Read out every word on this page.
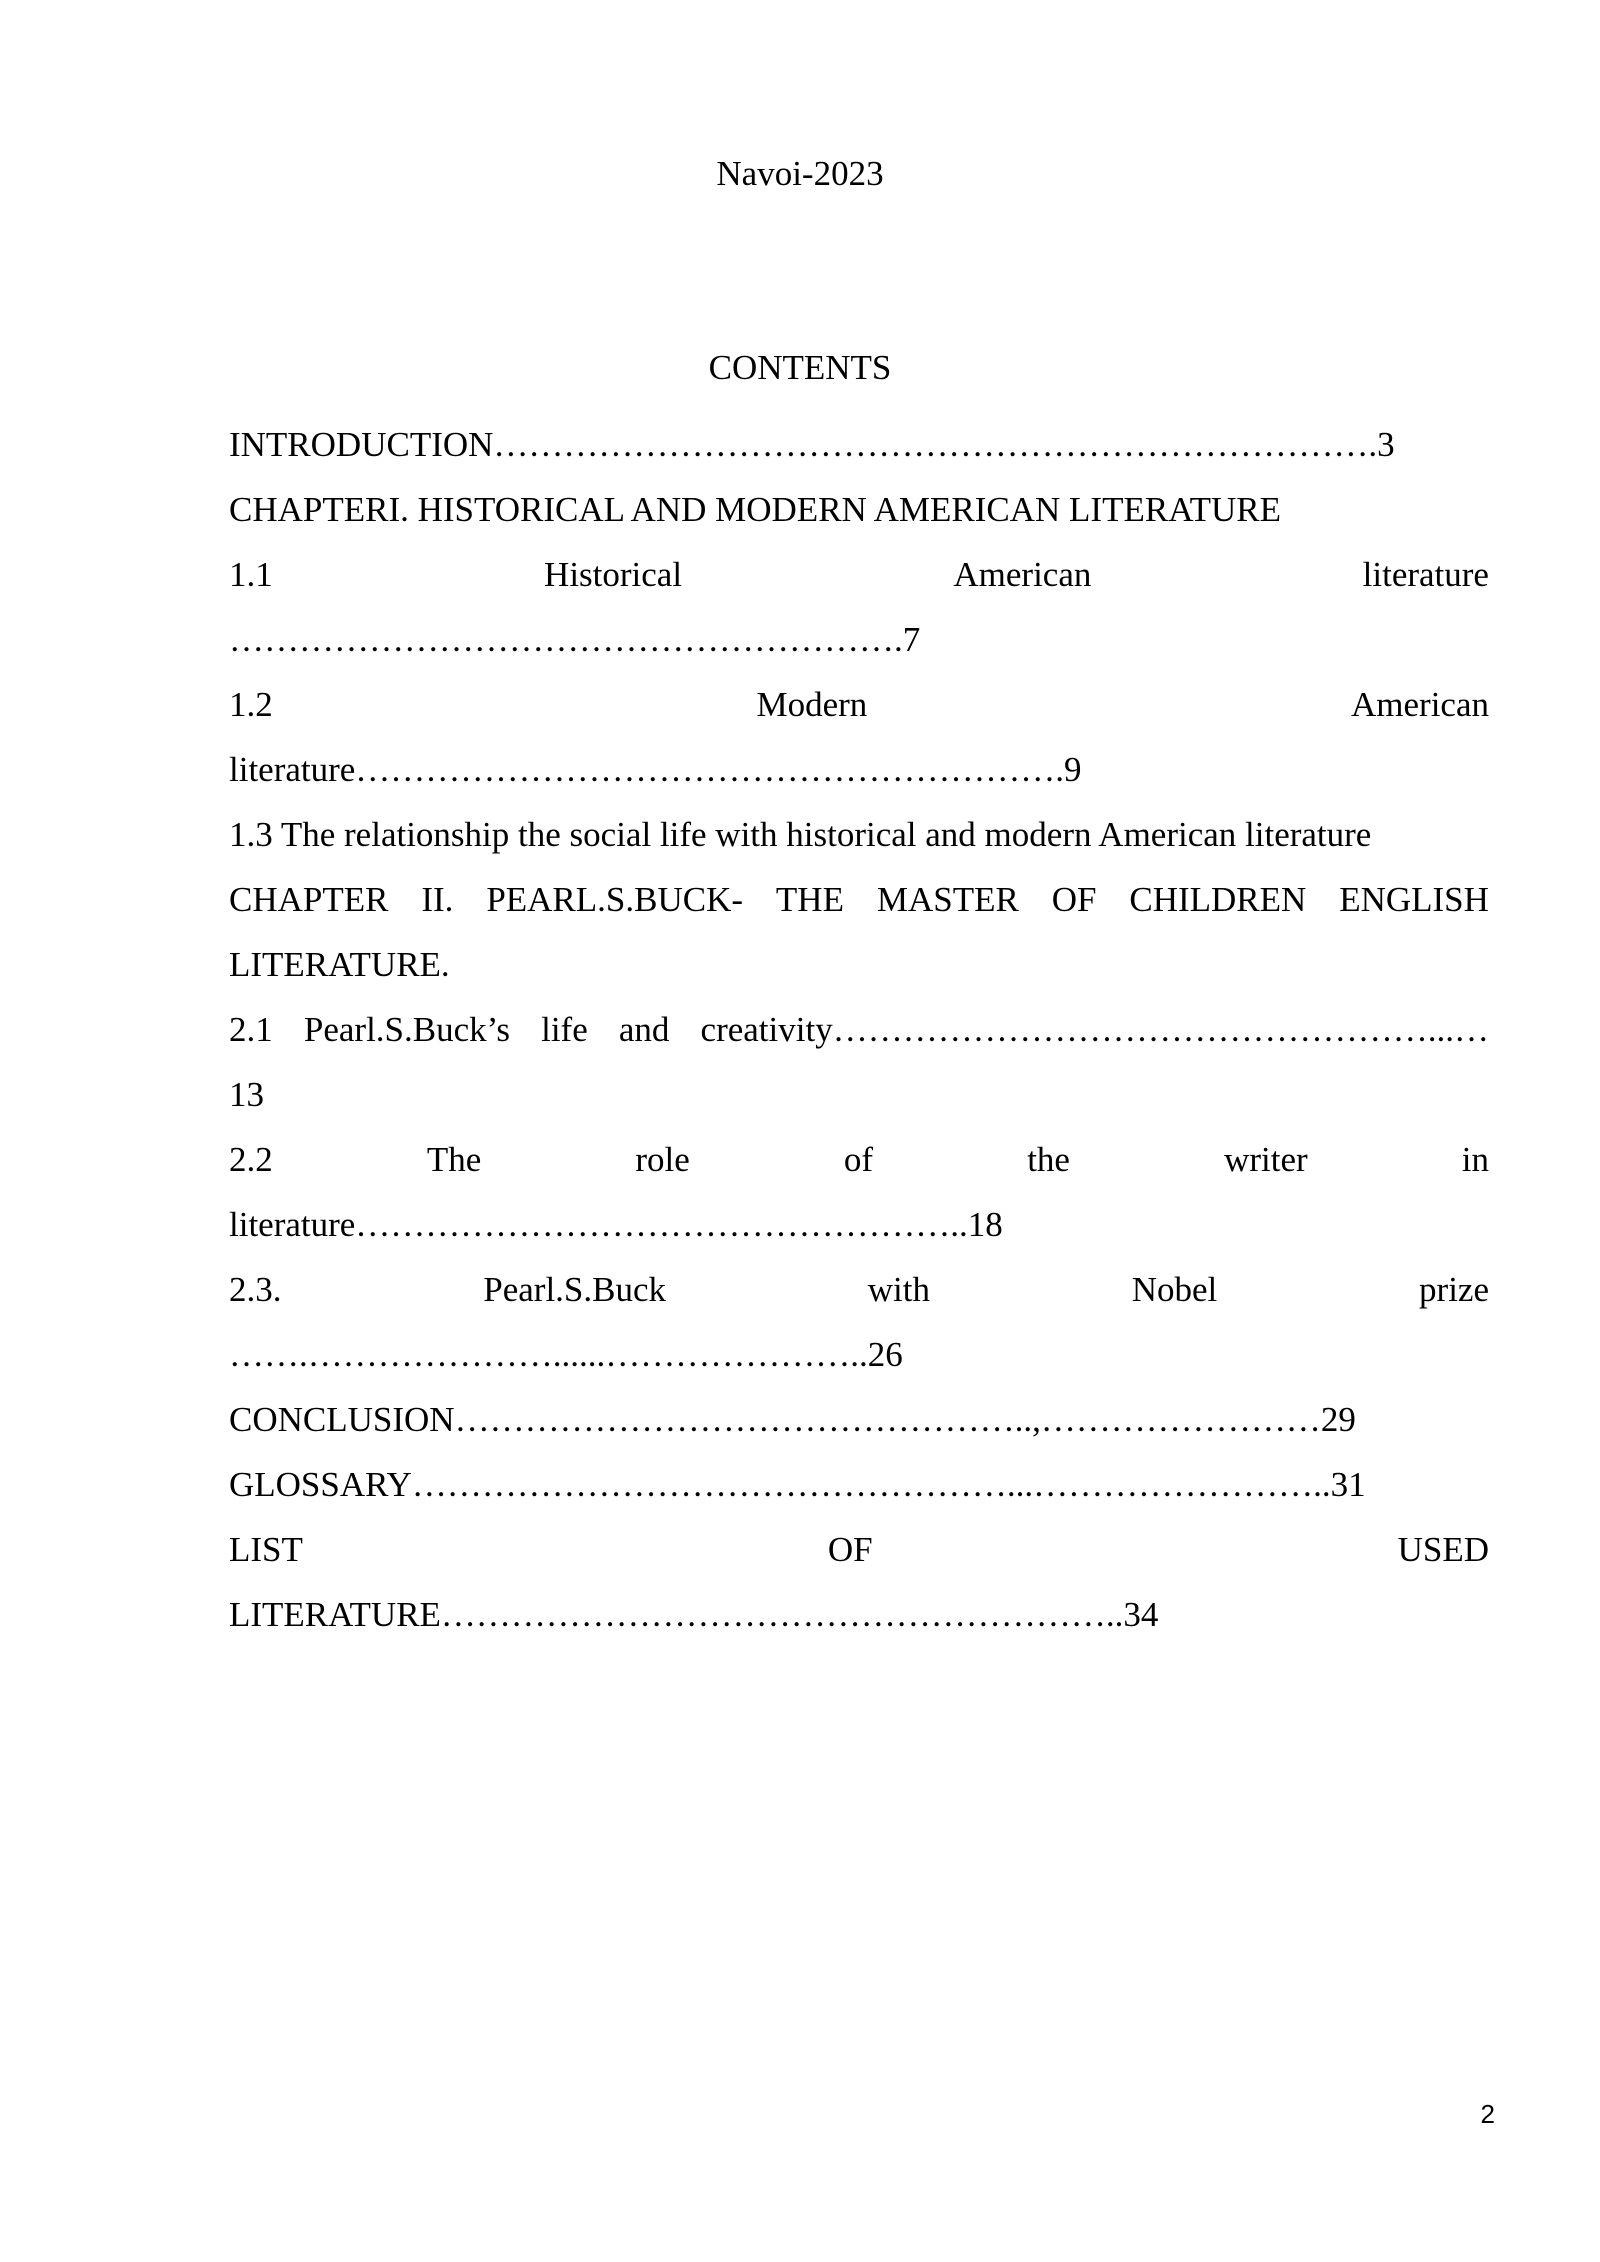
Navoi-2023
CONTENTS
INTRODUCTION………………………………………………………………….3
CHAPTERI. HISTORICAL AND MODERN AMERICAN LITERATURE
1.1	Historical	American	literature
………………………………………………….7
1.2	Modern	American
literature…………………………………………………….9
1.3 The relationship the social life with historical and modern American literature
CHAPTER II. PEARL.S.BUCK- THE MASTER OF CHILDREN ENGLISH
LITERATURE.
2.1 Pearl.S.Buck’s life and creativity……………………………………………...…
13
2.2	The	role	of	the	writer	in
literature……………………………………………..18
2.3.	Pearl.S.Buck	with	Nobel	prize
…….…………………......…………………..26
CONCLUSION…………………………………………..,……………………29
GLOSSARY……………………………………………...……………………..31
LIST	OF	USED
LITERATURE…………………………………………………..34
2
